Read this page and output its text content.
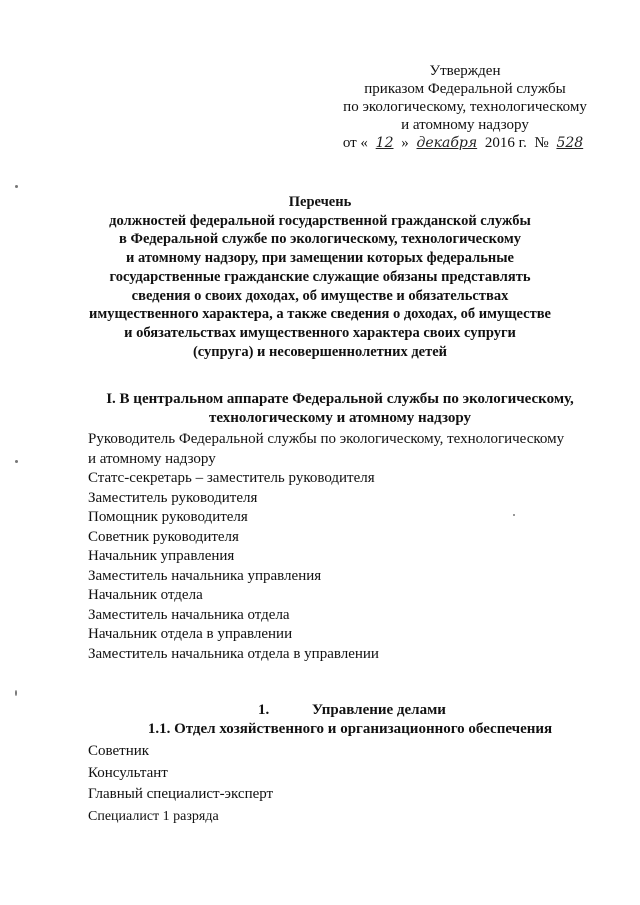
Утвержден
приказом Федеральной службы
по экологическому, технологическому
и атомному надзору
от « 12 » декабря 2016 г. № 528
Перечень
должностей федеральной государственной гражданской службы
в Федеральной службе по экологическому, технологическому
и атомному надзору, при замещении которых федеральные
государственные гражданские служащие обязаны представлять
сведения о своих доходах, об имуществе и обязательствах
имущественного характера, а также сведения о доходах, об имуществе
и обязательствах имущественного характера своих супруги
(супруга) и несовершеннолетних детей
I. В центральном аппарате Федеральной службы по экологическому,
технологическому и атомному надзору
Руководитель Федеральной службы по экологическому, технологическому
и атомному надзору
Статс-секретарь – заместитель руководителя
Заместитель руководителя
Помощник руководителя
Советник руководителя
Начальник управления
Заместитель начальника управления
Начальник отдела
Заместитель начальника отдела
Начальник отдела в управлении
Заместитель начальника отдела в управлении
1.	Управление делами
1.1. Отдел хозяйственного и организационного обеспечения
Советник
Консультант
Главный специалист-эксперт
Специалист 1 разряда
